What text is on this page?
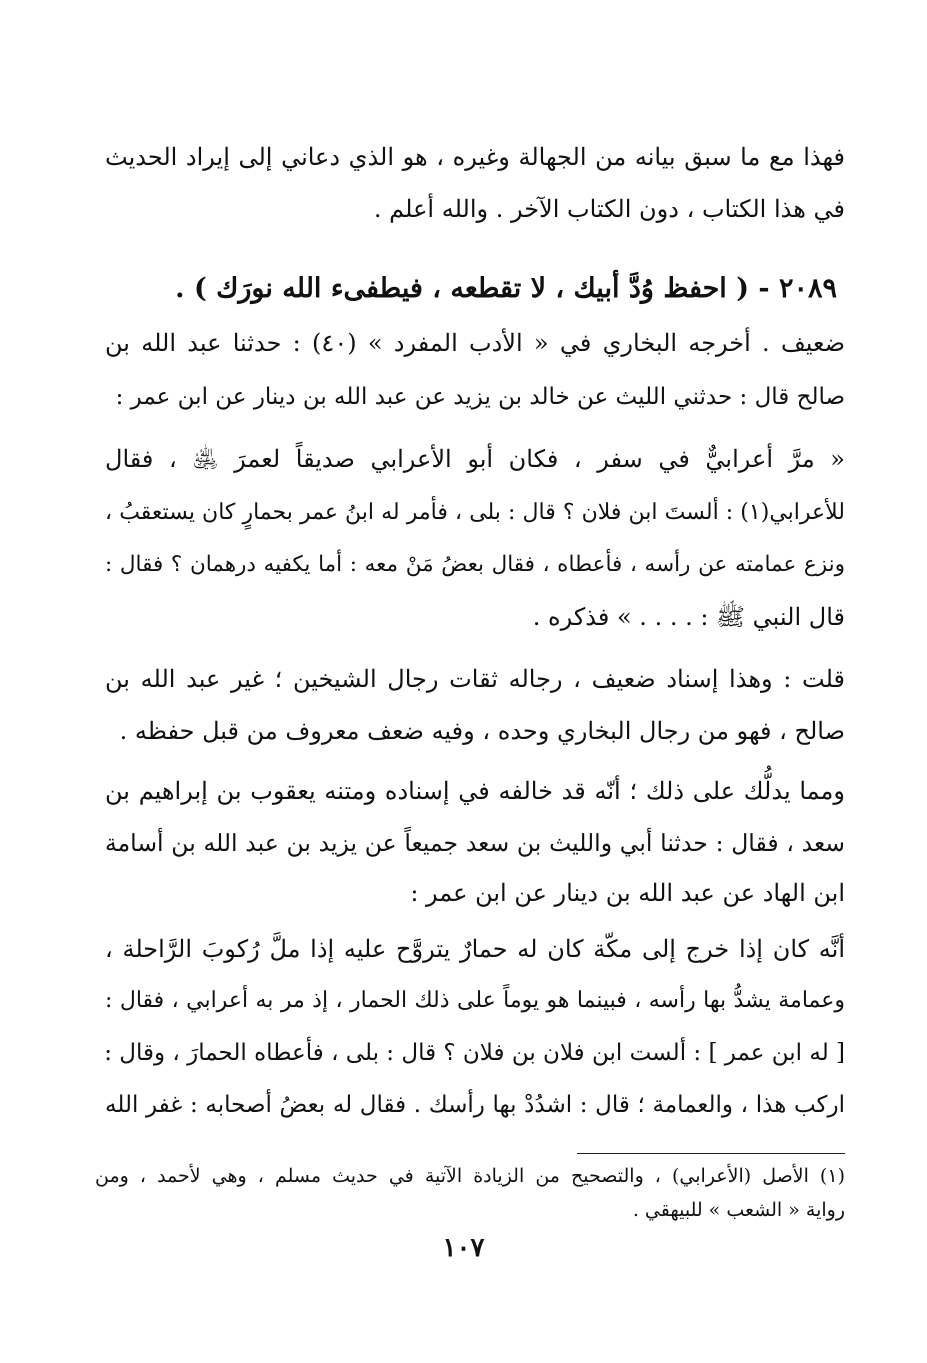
فهذا مع ما سبق بيانه من الجهالة وغيره ، هو الذي دعاني إلى إيراد الحديث
في هذا الكتاب ، دون الكتاب الآخر . والله أعلم .
٢٠٨٩ - ( احفظ وُدَّ أبيك ، لا تقطعه ، فيطفىء الله نورَك ) .
ضعيف . أخرجه البخاري في « الأدب المفرد » (٤٠) : حدثنا عبد الله بن
صالح قال : حدثني الليث عن خالد بن يزيد عن عبد الله بن دينار عن ابن عمر :
« مرَّ أعرابيٌّ في سفر ، فكان أبو الأعرابي صديقاً لعمرَ ﵁ ، فقال
للأعرابي(١) : ألستَ ابن فلان ؟ قال : بلى ، فأمر له ابنُ عمر بحمارٍ كان يستعقبُ ،
ونزع عمامته عن رأسه ، فأعطاه ، فقال بعضُ مَنْ معه : أما يكفيه درهمان ؟ فقال :
قال النبي ﷺ : . . . . » فذكره .
قلت : وهذا إسناد ضعيف ، رجاله ثقات رجال الشيخين ؛ غير عبد الله بن
صالح ، فهو من رجال البخاري وحده ، وفيه ضعف معروف من قبل حفظه .
ومما يدلُّك على ذلك ؛ أنّه قد خالفه في إسناده ومتنه يعقوب بن إبراهيم بن
سعد ، فقال : حدثنا أبي والليث بن سعد جميعاً عن يزيد بن عبد الله بن أسامة
ابن الهاد عن عبد الله بن دينار عن ابن عمر :
أنَّه كان إذا خرج إلى مكّة كان له حمارٌ يتروَّح عليه إذا ملَّ رُكوبَ الرَّاحلة ،
وعمامة يشدُّ بها رأسه ، فبينما هو يوماً على ذلك الحمار ، إذ مر به أعرابي ، فقال :
[ له ابن عمر ] : ألست ابن فلان بن فلان ؟ قال : بلى ، فأعطاه الحمارَ ، وقال :
اركب هذا ، والعمامة ؛ قال : اشدُدْ بها رأسك . فقال له بعضُ أصحابه : غفر الله
(١) الأصل (الأعرابي) ، والتصحيح من الزيادة الآتية في حديث مسلم ، وهي لأحمد ، ومن
رواية « الشعب » للبيهقي .
١٠٧
